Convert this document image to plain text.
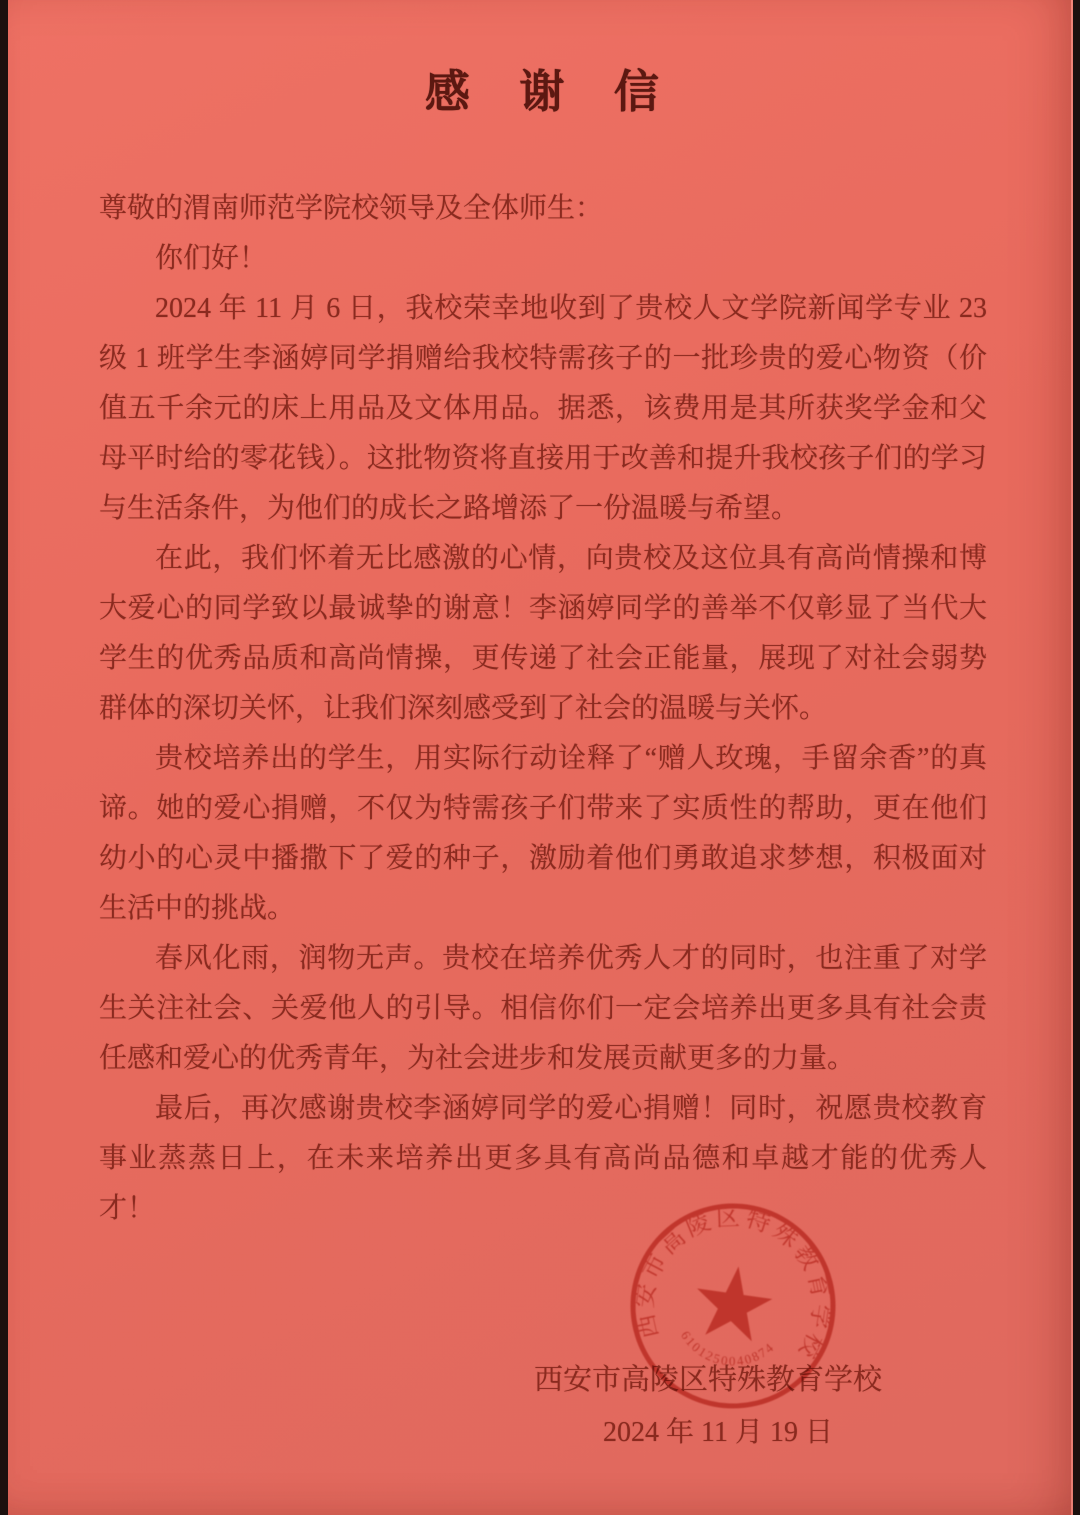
感　谢　信
尊敬的渭南师范学院校领导及全体师生：
你们好！

2024 年 11 月 6 日，我校荣幸地收到了贵校人文学院新闻学专业 23 级 1 班学生李涵婷同学捐赠给我校特需孩子的一批珍贵的爱心物资（价值五千余元的床上用品及文体用品。据悉，该费用是其所获奖学金和父母平时给的零花钱）。这批物资将直接用于改善和提升我校孩子们的学习与生活条件，为他们的成长之路增添了一份温暖与希望。

在此，我们怀着无比感激的心情，向贵校及这位具有高尚情操和博大爱心的同学致以最诚挚的谢意！李涵婷同学的善举不仅彰显了当代大学生的优秀品质和高尚情操，更传递了社会正能量，展现了对社会弱势群体的深切关怀，让我们深刻感受到了社会的温暖与关怀。

贵校培养出的学生，用实际行动诠释了“赠人玫瑰，手留余香”的真谛。她的爱心捐赠，不仅为特需孩子们带来了实质性的帮助，更在他们幼小的心灵中播撒下了爱的种子，激励着他们勇敢追求梦想，积极面对生活中的挑战。

春风化雨，润物无声。贵校在培养优秀人才的同时，也注重了对学生关注社会、关爱他人的引导。相信你们一定会培养出更多具有社会责任感和爱心的优秀青年，为社会进步和发展贡献更多的力量。

最后，再次感谢贵校李涵婷同学的爱心捐赠！同时，祝愿贵校教育事业蒸蒸日上，在未来培养出更多具有高尚品德和卓越才能的优秀人才！

西安市高陵区特殊教育学校
2024 年 11 月 19 日
西安市高陵区特殊教育学校
6101250040874
